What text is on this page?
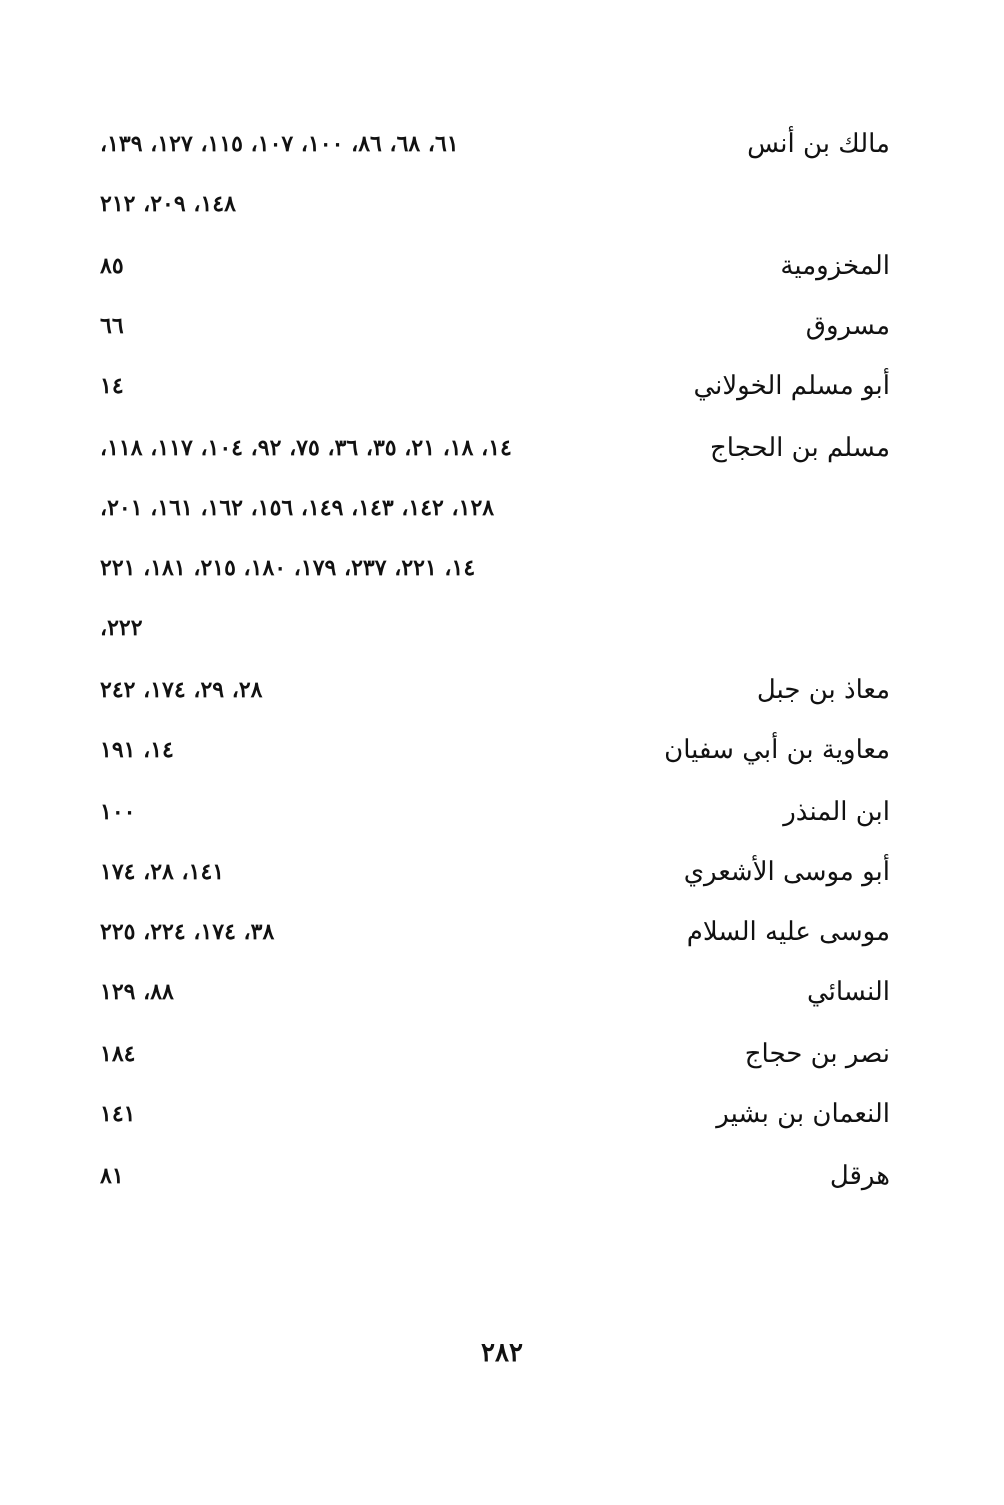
مالك بن أنس
٦١، ٦٨، ٨٦، ١٠٠، ١٠٧، ١١٥، ١٢٧، ١٣٩،
١٤٨، ٢٠٩، ٢١٢
المخزومية
٨٥
مسروق
٦٦
أبو مسلم الخولاني
١٤
مسلم بن الحجاج
١٤، ١٨، ٢١، ٣٥، ٣٦، ٧٥، ٩٢، ١٠٤، ١١٧، ١١٨،
١٢٨، ١٤٢، ١٤٣، ١٤٩، ١٥٦، ١٦٢، ١٦١، ٢٠١،
١٤، ٢٢١، ٢٣٧، ١٧٩، ١٨٠، ٢١٥، ١٨١، ٢٢١
٢٢٢،
معاذ بن جبل
٢٨، ٢٩، ١٧٤، ٢٤٢
معاوية بن أبي سفيان
١٤، ١٩١
ابن المنذر
١٠٠
أبو موسى الأشعري
١٤١، ٢٨، ١٧٤
موسى عليه السلام
٣٨، ١٧٤، ٢٢٤، ٢٢٥
النسائي
٨٨، ١٢٩
نصر بن حجاج
١٨٤
النعمان بن بشير
١٤١
هرقل
٨١
٢٨٢
